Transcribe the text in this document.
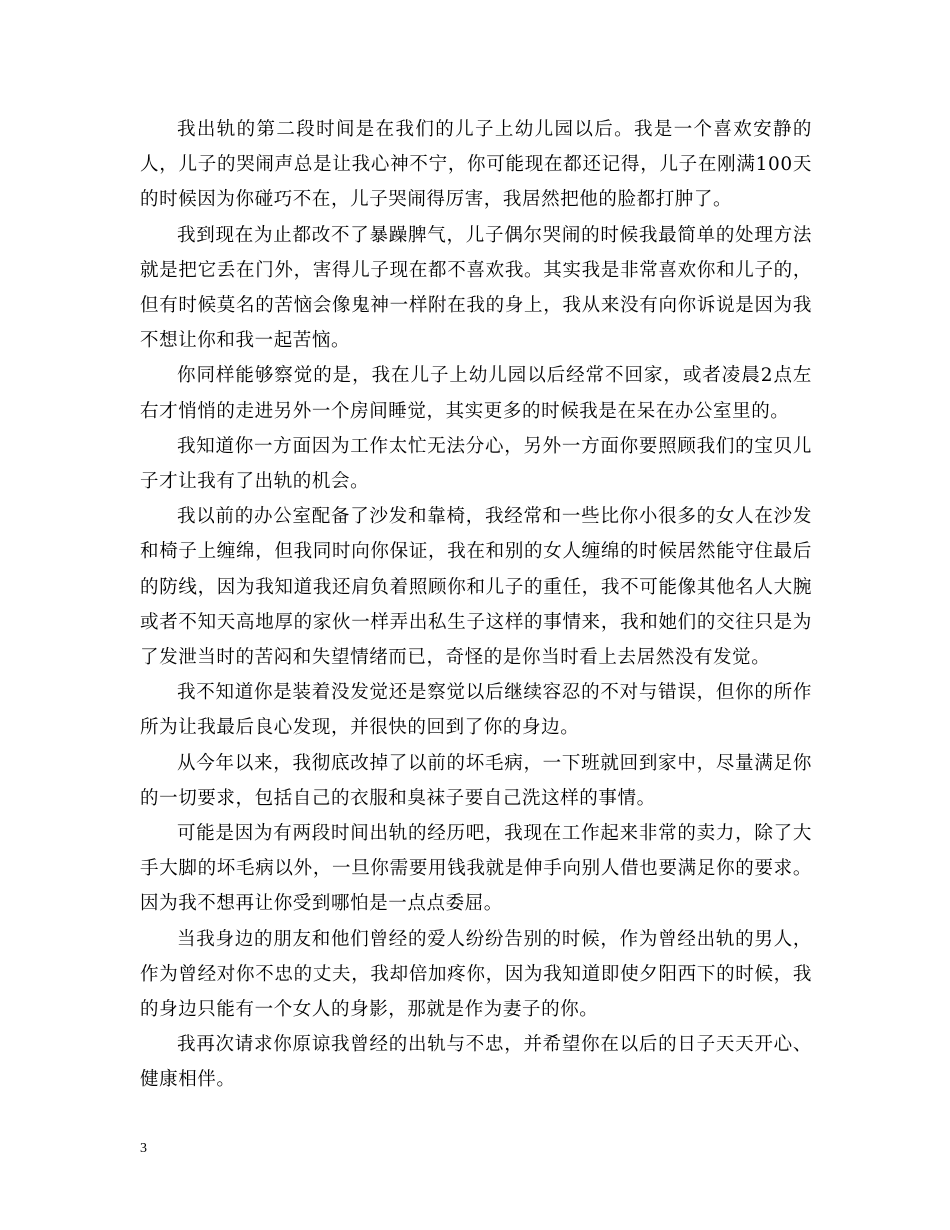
我出轨的第二段时间是在我们的儿子上幼儿园以后。我是一个喜欢安静的人，儿子的哭闹声总是让我心神不宁，你可能现在都还记得，儿子在刚满100天的时候因为你碰巧不在，儿子哭闹得厉害，我居然把他的脸都打肿了。

我到现在为止都改不了暴躁脾气，儿子偶尔哭闹的时候我最简单的处理方法就是把它丢在门外，害得儿子现在都不喜欢我。其实我是非常喜欢你和儿子的，但有时候莫名的苦恼会像鬼神一样附在我的身上，我从来没有向你诉说是因为我不想让你和我一起苦恼。

你同样能够察觉的是，我在儿子上幼儿园以后经常不回家，或者凌晨2点左右才悄悄的走进另外一个房间睡觉，其实更多的时候我是在呆在办公室里的。

我知道你一方面因为工作太忙无法分心，另外一方面你要照顾我们的宝贝儿子才让我有了出轨的机会。

我以前的办公室配备了沙发和靠椅，我经常和一些比你小很多的女人在沙发和椅子上缠绵，但我同时向你保证，我在和别的女人缠绵的时候居然能守住最后的防线，因为我知道我还肩负着照顾你和儿子的重任，我不可能像其他名人大腕或者不知天高地厚的家伙一样弄出私生子这样的事情来，我和她们的交往只是为了发泄当时的苦闷和失望情绪而已，奇怪的是你当时看上去居然没有发觉。

我不知道你是装着没发觉还是察觉以后继续容忍的不对与错误，但你的所作所为让我最后良心发现，并很快的回到了你的身边。

从今年以来，我彻底改掉了以前的坏毛病，一下班就回到家中，尽量满足你的一切要求，包括自己的衣服和臭袜子要自己洗这样的事情。

可能是因为有两段时间出轨的经历吧，我现在工作起来非常的卖力，除了大手大脚的坏毛病以外，一旦你需要用钱我就是伸手向别人借也要满足你的要求。因为我不想再让你受到哪怕是一点点委屈。

当我身边的朋友和他们曾经的爱人纷纷告别的时候，作为曾经出轨的男人，作为曾经对你不忠的丈夫，我却倍加疼你，因为我知道即使夕阳西下的时候，我的身边只能有一个女人的身影，那就是作为妻子的你。

我再次请求你原谅我曾经的出轨与不忠，并希望你在以后的日子天天开心、健康相伴。

3
